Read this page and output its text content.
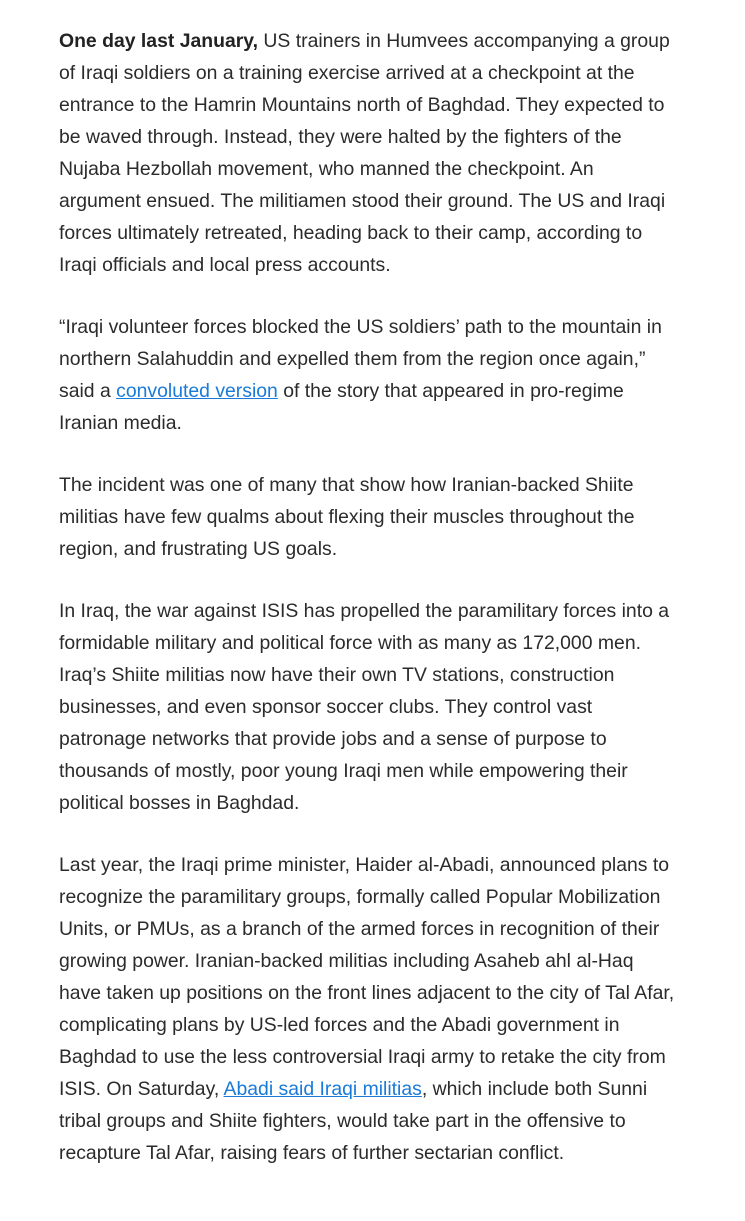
One day last January, US trainers in Humvees accompanying a group of Iraqi soldiers on a training exercise arrived at a checkpoint at the entrance to the Hamrin Mountains north of Baghdad. They expected to be waved through. Instead, they were halted by the fighters of the Nujaba Hezbollah movement, who manned the checkpoint. An argument ensued. The militiamen stood their ground. The US and Iraqi forces ultimately retreated, heading back to their camp, according to Iraqi officials and local press accounts.

“Iraqi volunteer forces blocked the US soldiers’ path to the mountain in northern Salahuddin and expelled them from the region once again,” said a convoluted version of the story that appeared in pro-regime Iranian media.

The incident was one of many that show how Iranian-backed Shiite militias have few qualms about flexing their muscles throughout the region, and frustrating US goals.

In Iraq, the war against ISIS has propelled the paramilitary forces into a formidable military and political force with as many as 172,000 men. Iraq’s Shiite militias now have their own TV stations, construction businesses, and even sponsor soccer clubs. They control vast patronage networks that provide jobs and a sense of purpose to thousands of mostly, poor young Iraqi men while empowering their political bosses in Baghdad.

Last year, the Iraqi prime minister, Haider al-Abadi, announced plans to recognize the paramilitary groups, formally called Popular Mobilization Units, or PMUs, as a branch of the armed forces in recognition of their growing power. Iranian-backed militias including Asaheb ahl al-Haq have taken up positions on the front lines adjacent to the city of Tal Afar, complicating plans by US-led forces and the Abadi government in Baghdad to use the less controversial Iraqi army to retake the city from ISIS. On Saturday, Abadi said Iraqi militias, which include both Sunni tribal groups and Shiite fighters, would take part in the offensive to recapture Tal Afar, raising fears of further sectarian conflict.
